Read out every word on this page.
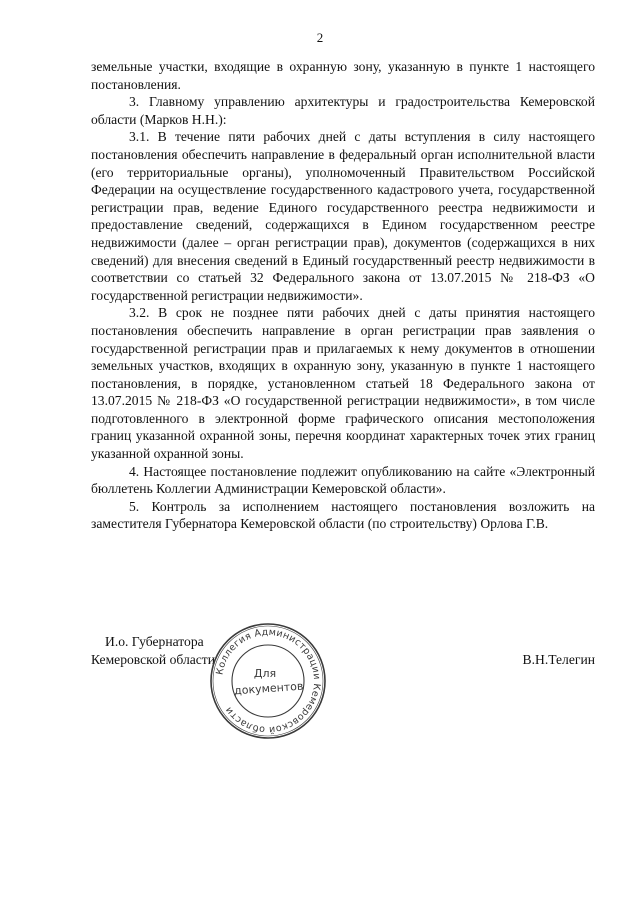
2

земельные участки, входящие в охранную зону, указанную в пункте 1 настоящего постановления.

3. Главному управлению архитектуры и градостроительства Кемеровской области (Марков Н.Н.):

3.1. В течение пяти рабочих дней с даты вступления в силу настоящего постановления обеспечить направление в федеральный орган исполнительной власти (его территориальные органы), уполномоченный Правительством Российской Федерации на осуществление государственного кадастрового учета, государственной регистрации прав, ведение Единого государственного реестра недвижимости и предоставление сведений, содержащихся в Едином государственном реестре недвижимости (далее – орган регистрации прав), документов (содержащихся в них сведений) для внесения сведений в Единый государственный реестр недвижимости в соответствии со статьей 32 Федерального закона от 13.07.2015 № 218-ФЗ «О государственной регистрации недвижимости».

3.2. В срок не позднее пяти рабочих дней с даты принятия настоящего постановления обеспечить направление в орган регистрации прав заявления о государственной регистрации прав и прилагаемых к нему документов в отношении земельных участков, входящих в охранную зону, указанную в пункте 1 настоящего постановления, в порядке, установленном статьей 18 Федерального закона от 13.07.2015 № 218-ФЗ «О государственной регистрации недвижимости», в том числе подготовленного в электронной форме графического описания местоположения границ указанной охранной зоны, перечня координат характерных точек этих границ указанной охранной зоны.

4. Настоящее постановление подлежит опубликованию на сайте «Электронный бюллетень Коллегии Администрации Кемеровской области».

5. Контроль за исполнением настоящего постановления возложить на заместителя Губернатора Кемеровской области (по строительству) Орлова Г.В.

И.о. Губернатора
Кемеровской области	В.Н.Телегин
Коллегия Администрации Кемеровской области
Для
документов
